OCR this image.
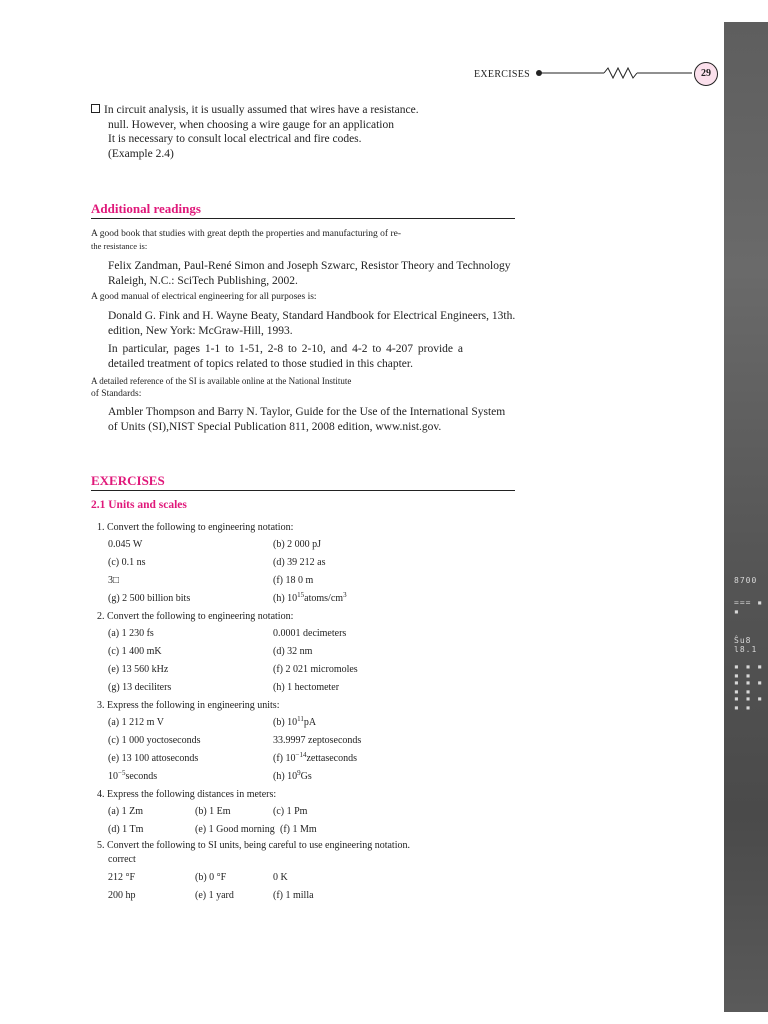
8700
=== ▪ ▪
Ŝu8 l8.1
▪ ▪ ▪ ▪ ▪
▪ ▪ ▪ ▪ ▪
▪ ▪ ▪ ▪ ▪
EXERCISES	29
In circuit analysis, it is usually assumed that wires have a resistance.
null. However, when choosing a wire gauge for an application
It is necessary to consult local electrical and fire codes.
(Example 2.4)
Additional readings
A good book that studies with great depth the properties and manufacturing of re-
the resistance is:
Felix Zandman, Paul-René Simon and Joseph Szwarc, Resistor Theory and Technology
Raleigh, N.C.: SciTech Publishing, 2002.
A good manual of electrical engineering for all purposes is:
Donald G. Fink and H. Wayne Beaty, Standard Handbook for Electrical Engineers, 13th.
edition, New York: McGraw-Hill, 1993.
In particular, pages 1-1 to 1-51, 2-8 to 2-10, and 4-2 to 4-207 provide a
detailed treatment of topics related to those studied in this chapter.
A detailed reference of the SI is available online at the National Institute
of Standards:
Ambler Thompson and Barry N. Taylor, Guide for the Use of the International System
of Units (SI),NIST Special Publication 811, 2008 edition, www.nist.gov.
EXERCISES
2.1 Units and scales
1. Convert the following to engineering notation:
0.045 W	(b) 2 000 pJ
(c) 0.1 ns	(d) 39 212 as
3□	(f) 18 0 m
(g) 2 500 billion bits	(h) $10^{15}atoms/cm^3$
2. Convert the following to engineering notation:
(a) 1 230 fs	0.0001 decimeters
(c) 1 400 mK	(d) 32 nm
(e) 13 560 kHz	(f) 2 021 micromoles
(g) 13 deciliters	(h) 1 hectometer
3. Express the following in engineering units:
(a) 1 212 m V	(b) $10^{11}pA$
(c) 1 000 yoctoseconds	33.9997 zeptoseconds
(e) 13 100 attoseconds	(f) $10^{-14}zettaseconds$
$10^{-5}seconds$	(h) $10^9Gs$
4. Express the following distances in meters:
(a) 1 Zm	(b) 1 Em	(c) 1 Pm
(d) 1 Tm	(e) 1 Good morning (f) 1 Mm
5. Convert the following to SI units, being careful to use engineering notation.
correct
212 °F	(b) 0 °F	0 K
200 hp	(e) 1 yard	(f) 1 milla
